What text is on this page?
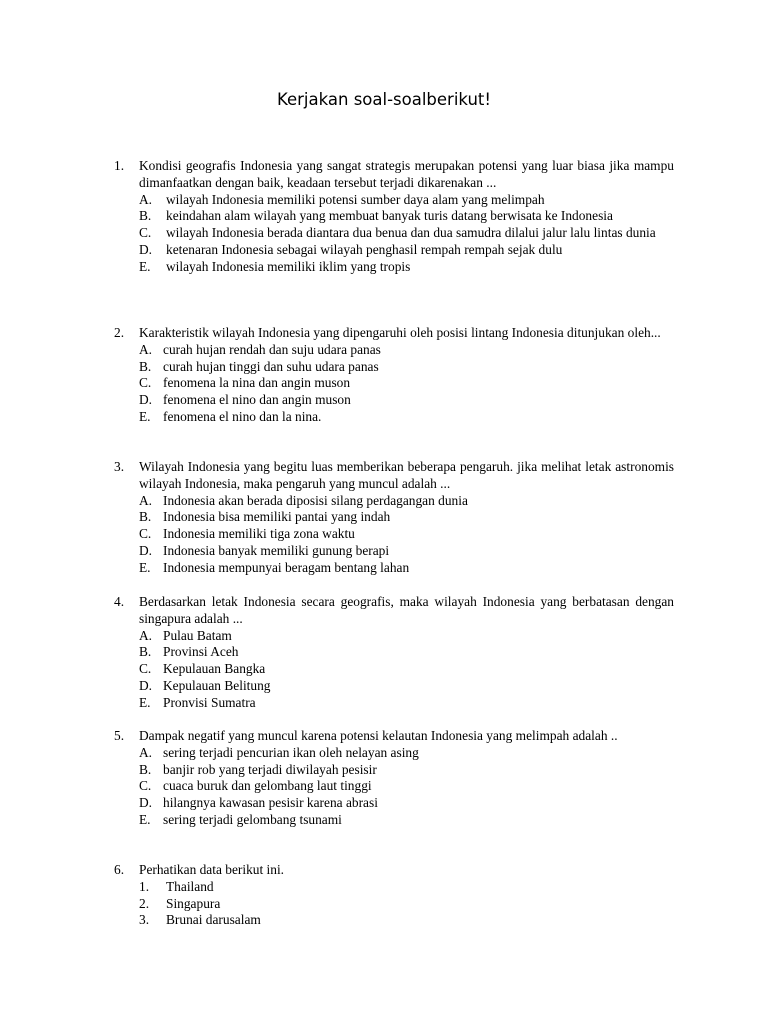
Kerjakan soal-soalberikut!
1. Kondisi geografis Indonesia yang sangat strategis merupakan potensi yang luar biasa jika mampu dimanfaatkan dengan baik, keadaan tersebut terjadi dikarenakan ...
A. wilayah Indonesia memiliki potensi sumber daya alam yang melimpah
B. keindahan alam wilayah yang membuat banyak turis datang berwisata ke Indonesia
C. wilayah Indonesia berada diantara dua benua dan dua samudra dilalui jalur lalu lintas dunia
D. ketenaran Indonesia sebagai wilayah penghasil rempah rempah sejak dulu
E. wilayah Indonesia memiliki iklim yang tropis
2. Karakteristik wilayah Indonesia yang dipengaruhi oleh posisi lintang Indonesia ditunjukan oleh...
A. curah hujan rendah dan suju udara panas
B. curah hujan tinggi dan suhu udara panas
C. fenomena la nina dan angin muson
D. fenomena el nino dan angin muson
E. fenomena el nino dan la nina.
3. Wilayah Indonesia yang begitu luas memberikan beberapa pengaruh. jika melihat letak astronomis wilayah Indonesia, maka pengaruh yang muncul adalah ...
A. Indonesia akan berada diposisi silang perdagangan dunia
B. Indonesia bisa memiliki pantai yang indah
C. Indonesia memiliki tiga zona waktu
D. Indonesia banyak memiliki gunung berapi
E. Indonesia mempunyai beragam bentang lahan
4. Berdasarkan letak Indonesia secara geografis, maka wilayah Indonesia yang berbatasan dengan singapura adalah ...
A. Pulau Batam
B. Provinsi Aceh
C. Kepulauan Bangka
D. Kepulauan Belitung
E. Pronvisi Sumatra
5. Dampak negatif yang muncul karena potensi kelautan Indonesia yang melimpah adalah ..
A. sering terjadi pencurian ikan oleh nelayan asing
B. banjir rob yang terjadi diwilayah pesisir
C. cuaca buruk dan gelombang laut tinggi
D. hilangnya kawasan pesisir karena abrasi
E. sering terjadi gelombang tsunami
6. Perhatikan data berikut ini.
1. Thailand
2. Singapura
3. Brunai darusalam
